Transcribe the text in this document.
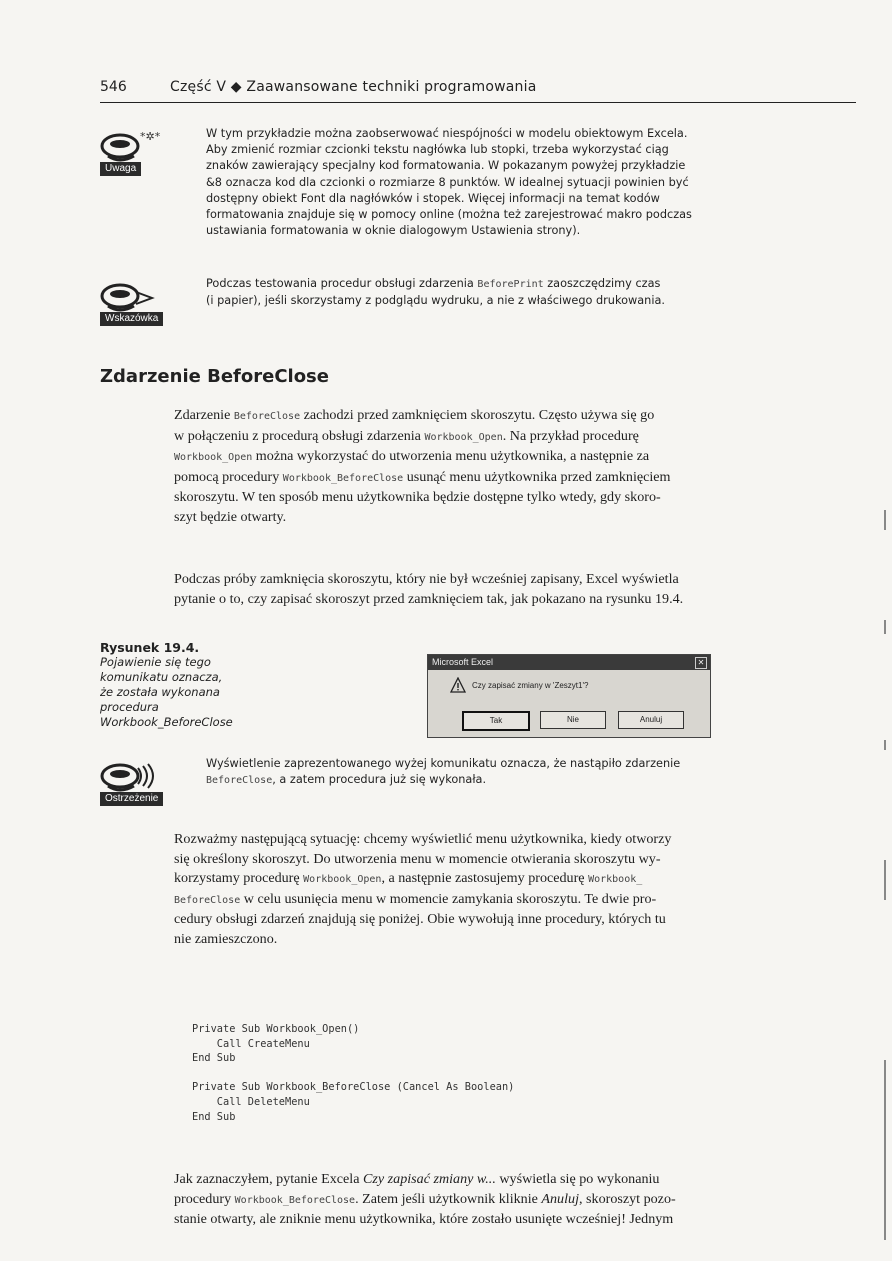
546	Część V ◆ Zaawansowane techniki programowania
*✲*
Uwaga
W tym przykładzie można zaobserwować niespójności w modelu obiektowym Excela.
Aby zmienić rozmiar czcionki tekstu nagłówka lub stopki, trzeba wykorzystać ciąg
znaków zawierający specjalny kod formatowania. W pokazanym powyżej przykładzie
&8 oznacza kod dla czcionki o rozmiarze 8 punktów. W idealnej sytuacji powinien być
dostępny obiekt Font dla nagłówków i stopek. Więcej informacji na temat kodów
formatowania znajduje się w pomocy online (można też zarejestrować makro podczas
ustawiania formatowania w oknie dialogowym Ustawienia strony).
Wskazówka
Podczas testowania procedur obsługi zdarzenia BeforePrint zaoszczędzimy czas
(i papier), jeśli skorzystamy z podglądu wydruku, a nie z właściwego drukowania.
Zdarzenie BeforeClose
Zdarzenie BeforeClose zachodzi przed zamknięciem skoroszytu. Często używa się go
w połączeniu z procedurą obsługi zdarzenia Workbook_Open. Na przykład procedurę
Workbook_Open można wykorzystać do utworzenia menu użytkownika, a następnie za
pomocą procedury Workbook_BeforeClose usunąć menu użytkownika przed zamknięciem
skoroszytu. W ten sposób menu użytkownika będzie dostępne tylko wtedy, gdy skoro-
szyt będzie otwarty.
Podczas próby zamknięcia skoroszytu, który nie był wcześniej zapisany, Excel wyświetla
pytanie o to, czy zapisać skoroszyt przed zamknięciem tak, jak pokazano na rysunku 19.4.
Rysunek 19.4.
Pojawienie się tego
komunikatu oznacza,
że została wykonana
procedura
Workbook_BeforeClose
Microsoft Excel	✕
Czy zapisać zmiany w 'Zeszyt1'?
Tak	Nie	Anuluj
Ostrzeżenie
Wyświetlenie zaprezentowanego wyżej komunikatu oznacza, że nastąpiło zdarzenie
BeforeClose, a zatem procedura już się wykonała.
Rozważmy następującą sytuację: chcemy wyświetlić menu użytkownika, kiedy otworzy
się określony skoroszyt. Do utworzenia menu w momencie otwierania skoroszytu wy-
korzystamy procedurę Workbook_Open, a następnie zastosujemy procedurę Workbook_
BeforeClose w celu usunięcia menu w momencie zamykania skoroszytu. Te dwie pro-
cedury obsługi zdarzeń znajdują się poniżej. Obie wywołują inne procedury, których tu
nie zamieszczono.
Private Sub Workbook_Open()
Call CreateMenu
End Sub

Private Sub Workbook_BeforeClose (Cancel As Boolean)
Call DeleteMenu
End Sub
Jak zaznaczyłem, pytanie Excela Czy zapisać zmiany w... wyświetla się po wykonaniu
procedury Workbook_BeforeClose. Zatem jeśli użytkownik kliknie Anuluj, skoroszyt pozo-
stanie otwarty, ale zniknie menu użytkownika, które zostało usunięte wcześniej! Jednym
